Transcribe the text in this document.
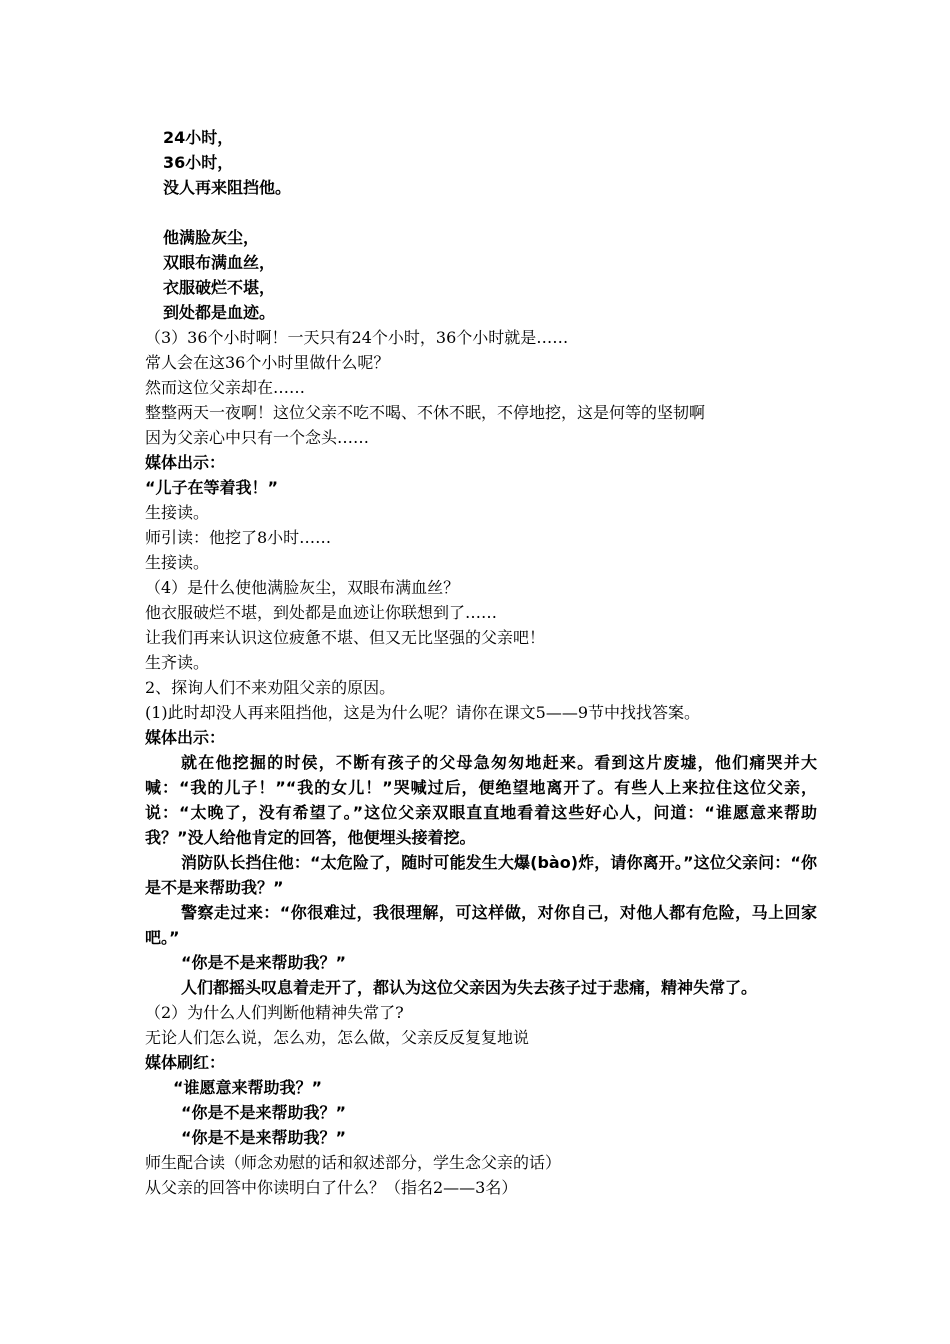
24小时，
36小时，
没人再来阻挡他。
他满脸灰尘，
双眼布满血丝，
衣服破烂不堪，
到处都是血迹。
（3）36个小时啊！一天只有24个小时，36个小时就是……
常人会在这36个小时里做什么呢？
然而这位父亲却在……
整整两天一夜啊！这位父亲不吃不喝、不休不眠，不停地挖，这是何等的坚韧啊
因为父亲心中只有一个念头……
媒体出示：
“儿子在等着我！”
生接读。
师引读：他挖了8小时……
生接读。
（4）是什么使他满脸灰尘，双眼布满血丝？
他衣服破烂不堪，到处都是血迹让你联想到了……
让我们再来认识这位疲惫不堪、但又无比坚强的父亲吧！
生齐读。
2、探询人们不来劝阻父亲的原因。
(1)此时却没人再来阻挡他，这是为什么呢？请你在课文5——9节中找找答案。
媒体出示：

就在他挖掘的时侯，不断有孩子的父母急匆匆地赶来。看到这片废墟，他们痛哭并大喊：“我的儿子！”“我的女儿！”哭喊过后，便绝望地离开了。有些人上来拉住这位父亲，说：“太晚了，没有希望了。”这位父亲双眼直直地看着这些好心人，问道：“谁愿意来帮助我？”没人给他肯定的回答，他便埋头接着挖。

消防队长挡住他：“太危险了，随时可能发生大爆(bào)炸，请你离开。”这位父亲问：“你是不是来帮助我？”

警察走过来：“你很难过，我很理解，可这样做，对你自己，对他人都有危险，马上回家吧。”

“你是不是来帮助我？”

人们都摇头叹息着走开了，都认为这位父亲因为失去孩子过于悲痛，精神失常了。

（2）为什么人们判断他精神失常了?
无论人们怎么说，怎么劝，怎么做，父亲反反复复地说
媒体刷红：
“谁愿意来帮助我？”
“你是不是来帮助我？”
“你是不是来帮助我？”
师生配合读（师念劝慰的话和叙述部分，学生念父亲的话）
从父亲的回答中你读明白了什么？（指名2——3名）
